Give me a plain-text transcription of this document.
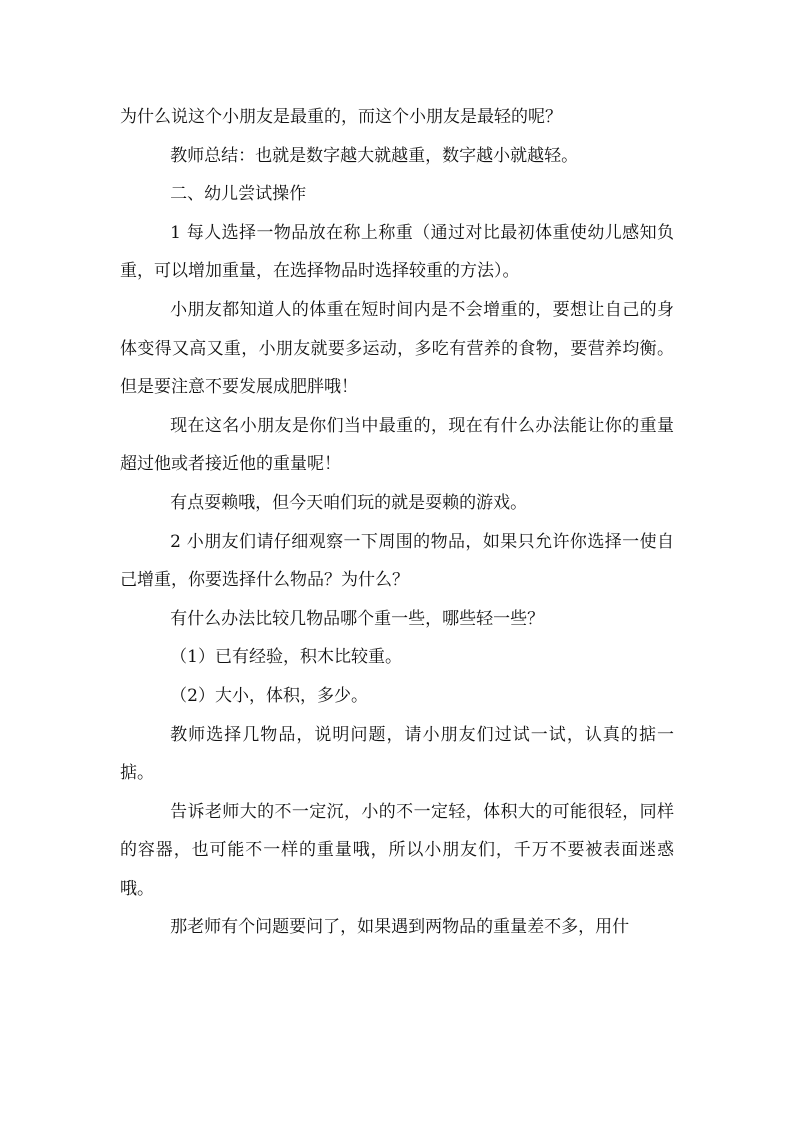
为什么说这个小朋友是最重的，而这个小朋友是最轻的呢？

教师总结：也就是数字越大就越重，数字越小就越轻。

二、幼儿尝试操作

1 每人选择一物品放在称上称重（通过对比最初体重使幼儿感知负重，可以增加重量，在选择物品时选择较重的方法）。

小朋友都知道人的体重在短时间内是不会增重的，要想让自己的身体变得又高又重，小朋友就要多运动，多吃有营养的食物，要营养均衡。但是要注意不要发展成肥胖哦！

现在这名小朋友是你们当中最重的，现在有什么办法能让你的重量超过他或者接近他的重量呢！

有点耍赖哦，但今天咱们玩的就是耍赖的游戏。

2 小朋友们请仔细观察一下周围的物品，如果只允许你选择一使自己增重，你要选择什么物品？为什么？

有什么办法比较几物品哪个重一些，哪些轻一些？

（1）已有经验，积木比较重。

（2）大小，体积，多少。

教师选择几物品，说明问题，请小朋友们过试一试，认真的掂一掂。

告诉老师大的不一定沉，小的不一定轻，体积大的可能很轻，同样的容器，也可能不一样的重量哦，所以小朋友们，千万不要被表面迷惑哦。

那老师有个问题要问了，如果遇到两物品的重量差不多，用什
